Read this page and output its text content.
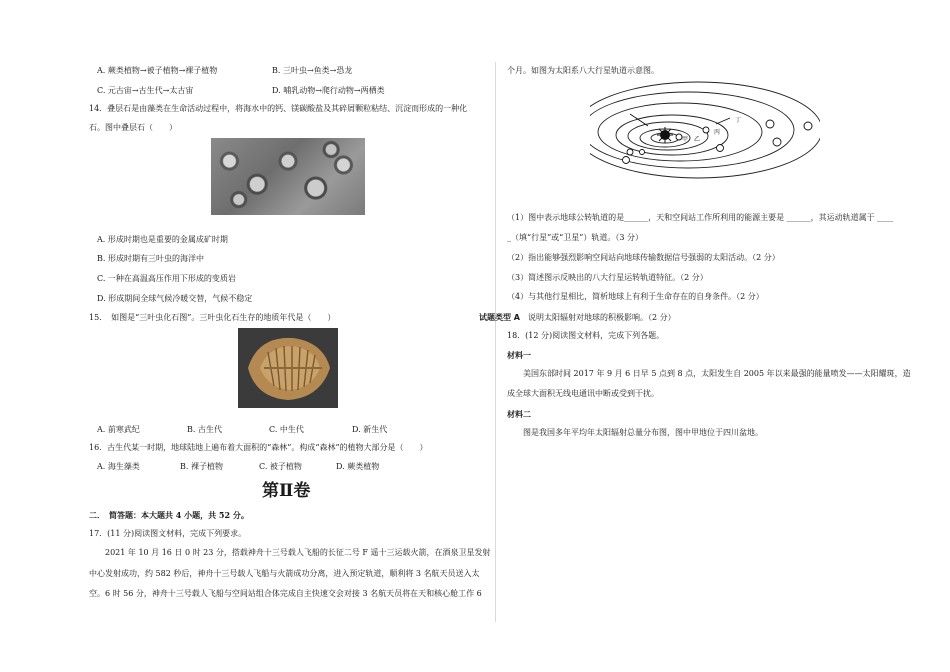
A. 蕨类植物→被子植物→裸子植物	B. 三叶虫→鱼类→恐龙
C. 元古宙→古生代→太古宙	D. 哺乳动物→爬行动物→两栖类
14．叠层石是由藻类在生命活动过程中，将海水中的钙、镁碳酸盐及其碎屑颗粒粘结、沉淀而形成的一种化
石。图中叠层石（　　）
A. 形成时期也是重要的金属成矿时期
B. 形成时期有三叶虫的海洋中
C. 一种在高温高压作用下形成的变质岩
D. 形成期间全球气候冷暖交替，气候不稳定
15．　如图是“三叶虫化石图”。三叶虫化石生存的地质年代是（　　）
A. 前寒武纪	B. 古生代	C. 中生代	D. 新生代
16．古生代某一时期，地球陆地上遍布着大面积的“森林”。构成“森林”的植物大部分是（　　）
A. 海生藻类	B. 裸子植物	C. 被子植物	D. 蕨类植物
第Ⅱ卷
二．　简答题：本大题共 4 小题，共 52 分。
17．(11 分)阅读图文材料，完成下列要求。
2021 年 10 月 16 日 0 时 23 分，搭载神舟十三号载人飞船的长征二号 F 遥十三运载火箭，在酒泉卫星发射
中心发射成功，约 582 秒后，神舟十三号载人飞船与火箭成功分离，进入预定轨道，顺利将 3 名航天员送入太
空。6 时 56 分，神舟十三号载人飞船与空间站组合体完成自主快速交会对接 3 名航天员将在天和核心舱工作 6
个月。如图为太阳系八大行星轨道示意图。
甲 乙
丙
丁
（1）图中表示地球公转轨道的是______，天和空间站工作所利用的能源主要是 ______，其运动轨道属于 ____
_（填“行星”或“卫星”）轨道。（3 分）
（2）指出能够强烈影响空间站向地球传输数据信号强弱的太阳活动。（2 分）
（3）简述图示反映出的八大行星运转轨道特征。（2 分）
（4）与其他行星相比，简析地球上有利于生命存在的自身条件。（2 分）
试题类型 A 说明太阳辐射对地球的积极影响。（2 分）
18．(12 分)阅读图文材料，完成下列各题。
材料一
美国东部时间 2017 年 9 月 6 日早 5 点到 8 点，太阳发生自 2005 年以来最强的能量喷发——太阳耀斑，造
成全球大面积无线电通讯中断或受到干扰。
材料二
图是我国多年平均年太阳辐射总量分布图，图中甲地位于四川盆地。
